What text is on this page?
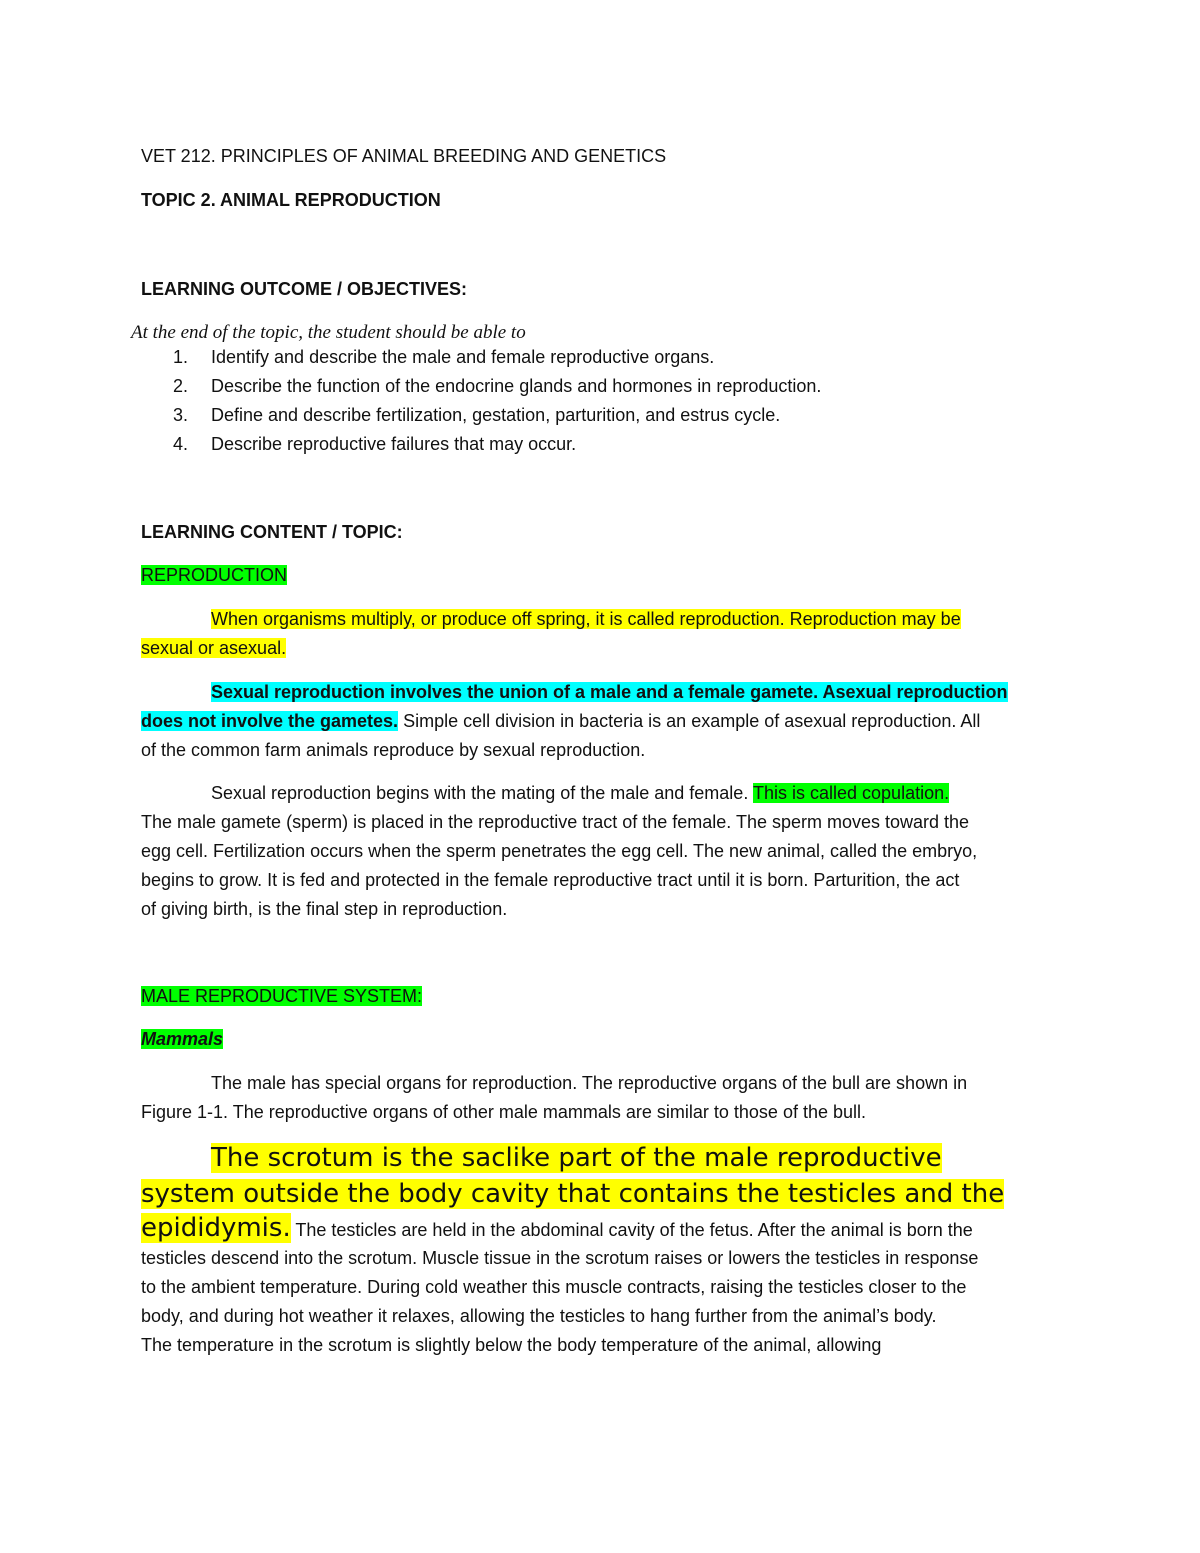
VET 212. PRINCIPLES OF ANIMAL BREEDING AND GENETICS
TOPIC 2. ANIMAL REPRODUCTION
LEARNING OUTCOME / OBJECTIVES:
At the end of the topic, the student should be able to
1. Identify and describe the male and female reproductive organs.
2. Describe the function of the endocrine glands and hormones in reproduction.
3. Define and describe fertilization, gestation, parturition, and estrus cycle.
4. Describe reproductive failures that may occur.
LEARNING CONTENT / TOPIC:
REPRODUCTION
When organisms multiply, or produce off spring, it is called reproduction. Reproduction may be
sexual or asexual.
Sexual reproduction involves the union of a male and a female gamete. Asexual reproduction
does not involve the gametes. Simple cell division in bacteria is an example of asexual reproduction. All
of the common farm animals reproduce by sexual reproduction.
Sexual reproduction begins with the mating of the male and female. This is called copulation.
The male gamete (sperm) is placed in the reproductive tract of the female. The sperm moves toward the
egg cell. Fertilization occurs when the sperm penetrates the egg cell. The new animal, called the embryo,
begins to grow. It is fed and protected in the female reproductive tract until it is born. Parturition, the act
of giving birth, is the final step in reproduction.
MALE REPRODUCTIVE SYSTEM:
Mammals
The male has special organs for reproduction. The reproductive organs of the bull are shown in
Figure 1-1. The reproductive organs of other male mammals are similar to those of the bull.
The scrotum is the saclike part of the male reproductive
system outside the body cavity that contains the testicles and the
epididymis. The testicles are held in the abdominal cavity of the fetus. After the animal is born the
testicles descend into the scrotum. Muscle tissue in the scrotum raises or lowers the testicles in response
to the ambient temperature. During cold weather this muscle contracts, raising the testicles closer to the
body, and during hot weather it relaxes, allowing the testicles to hang further from the animal’s body.
The temperature in the scrotum is slightly below the body temperature of the animal, allowing
